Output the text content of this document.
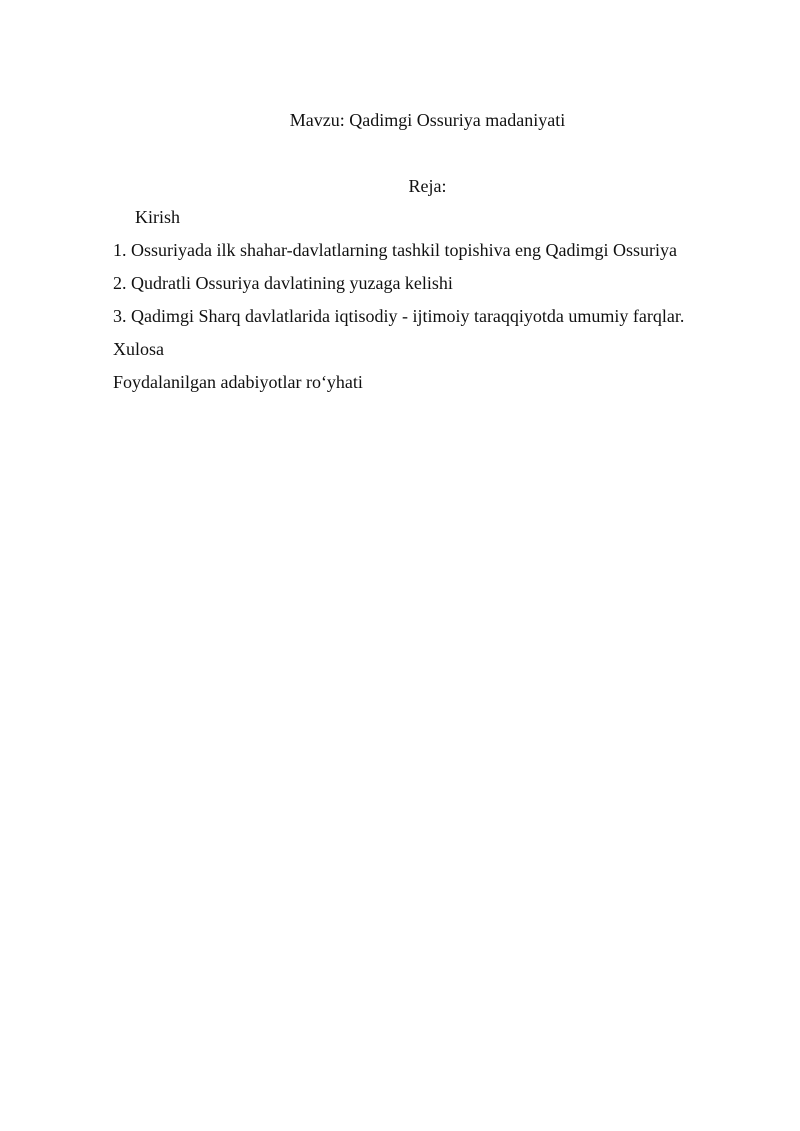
Mavzu: Qadimgi Ossuriya madaniyati
Reja:
Kirish
1. Ossuriyada ilk shahar-davlatlarning tashkil topishiva eng Qadimgi Ossuriya
2. Qudratli Ossuriya davlatining yuzaga kelishi
3. Qadimgi Sharq davlatlarida iqtisodiy - ijtimoiy taraqqiyotda umumiy farqlar.
Xulosa
Foydalanilgan adabiyotlar ro‘yhati
